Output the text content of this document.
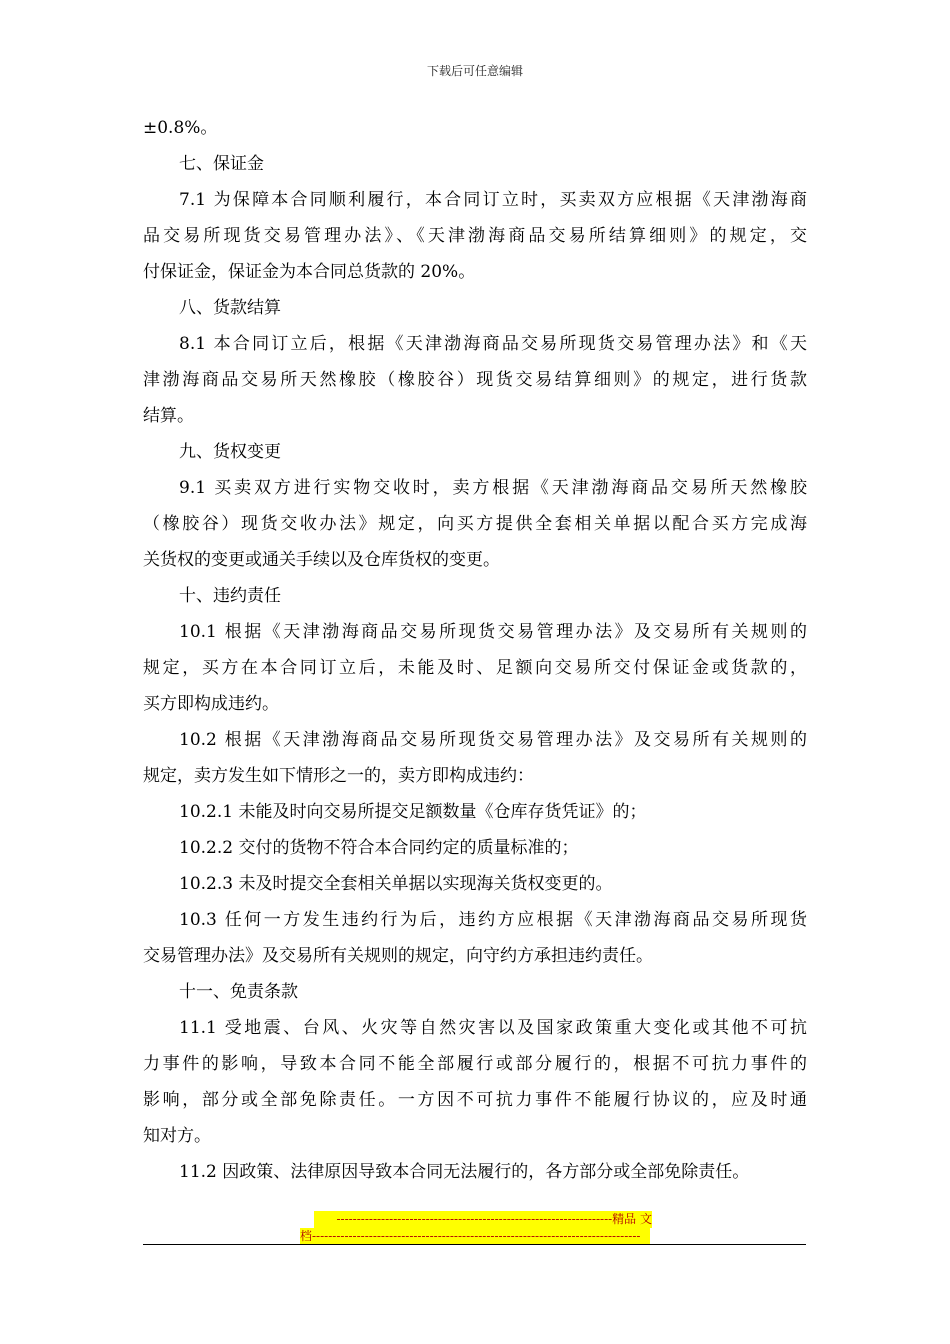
下载后可任意编辑
±0.8%。
七、保证金
7.1 为保障本合同顺利履行，本合同订立时，买卖双方应根据《天津渤海商
品交易所现货交易管理办法》、《天津渤海商品交易所结算细则》的规定，交
付保证金，保证金为本合同总货款的 20%。
八、货款结算
8.1 本合同订立后，根据《天津渤海商品交易所现货交易管理办法》和《天
津渤海商品交易所天然橡胶（橡胶谷）现货交易结算细则》的规定，进行货款
结算。
九、货权变更
9.1 买卖双方进行实物交收时，卖方根据《天津渤海商品交易所天然橡胶
（橡胶谷）现货交收办法》规定，向买方提供全套相关单据以配合买方完成海
关货权的变更或通关手续以及仓库货权的变更。
十、违约责任
10.1 根据《天津渤海商品交易所现货交易管理办法》及交易所有关规则的
规定，买方在本合同订立后，未能及时、足额向交易所交付保证金或货款的，
买方即构成违约。
10.2 根据《天津渤海商品交易所现货交易管理办法》及交易所有关规则的
规定，卖方发生如下情形之一的，卖方即构成违约：
10.2.1 未能及时向交易所提交足额数量《仓库存货凭证》的；
10.2.2 交付的货物不符合本合同约定的质量标准的；
10.2.3 未及时提交全套相关单据以实现海关货权变更的。
10.3 任何一方发生违约行为后，违约方应根据《天津渤海商品交易所现货
交易管理办法》及交易所有关规则的规定，向守约方承担违约责任。
十一、免责条款
11.1 受地震、台风、火灾等自然灾害以及国家政策重大变化或其他不可抗
力事件的影响，导致本合同不能全部履行或部分履行的，根据不可抗力事件的
影响，部分或全部免除责任。一方因不可抗力事件不能履行协议的，应及时通
知对方。
11.2 因政策、法律原因导致本合同无法履行的，各方部分或全部免除责任。
--------------------------------------------------------------------精品 文
档---------------------------------------------------------------------------------
